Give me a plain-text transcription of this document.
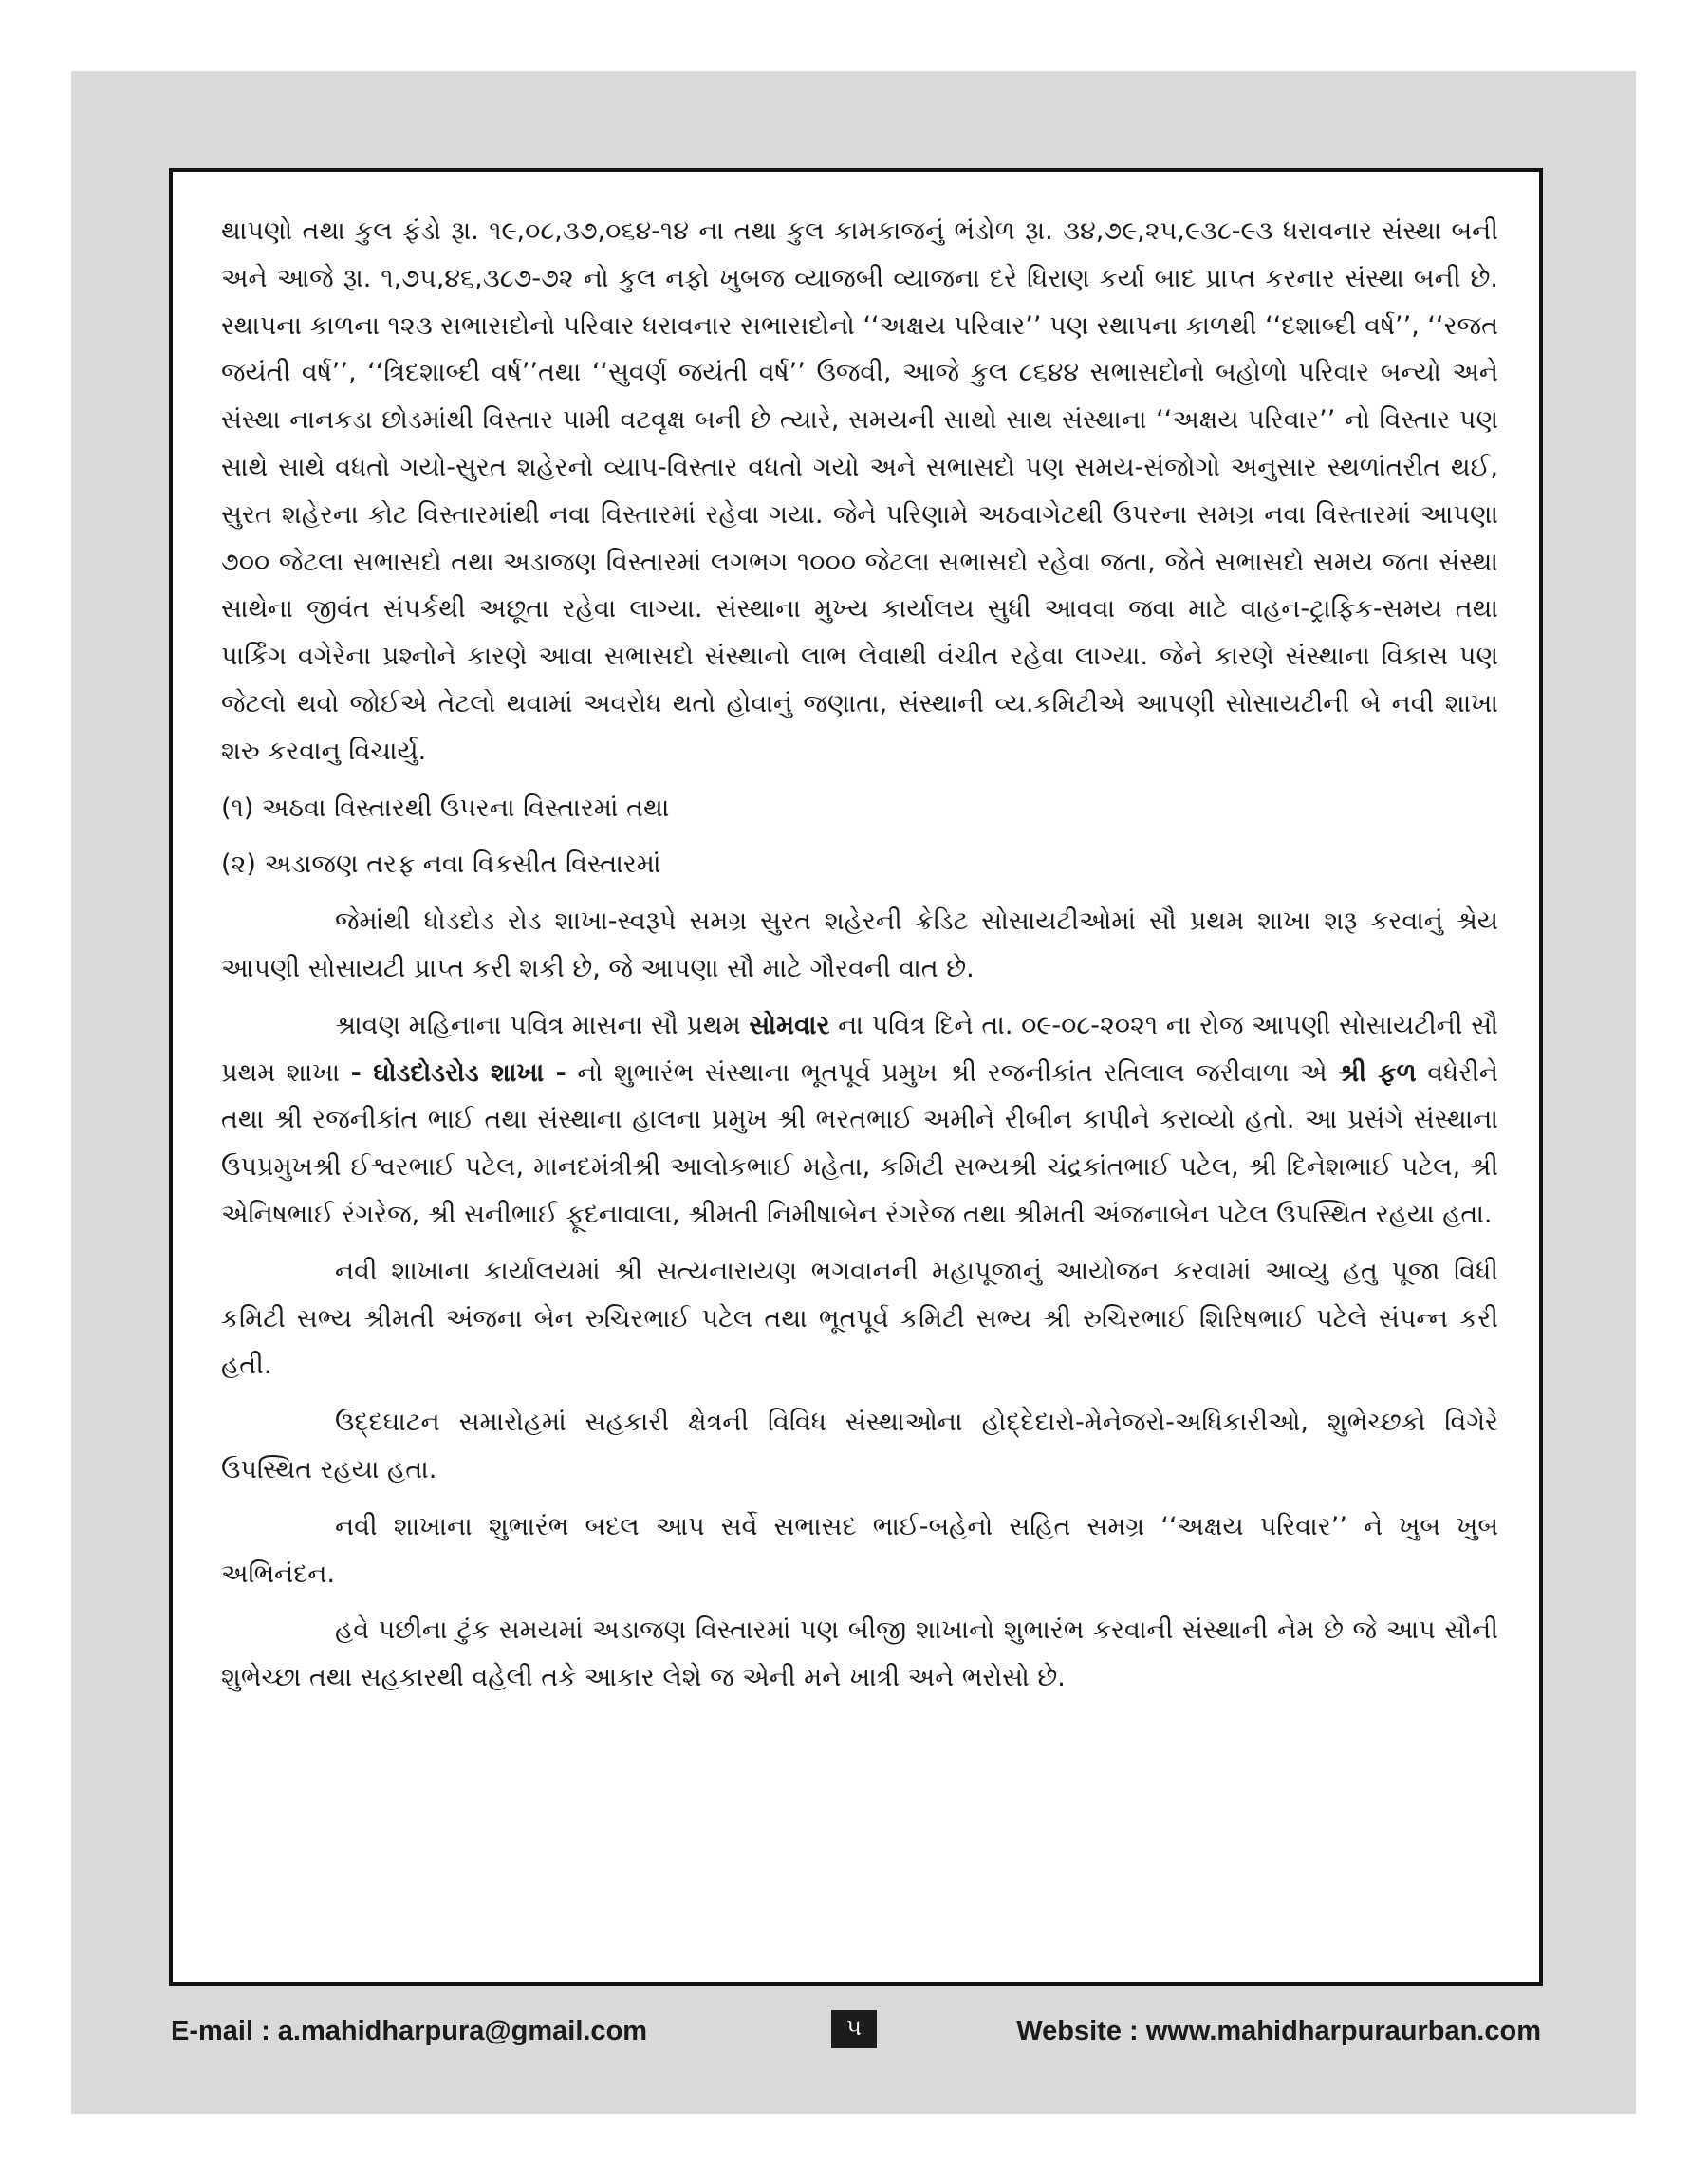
થાપણો તથા કુલ ફંડો રૂા. ૧૯,૦૮,૩૭,૦૬૪-૧૪ ના તથા કુલ કામકાજનું ભંડોળ રૂા. ૩૪,૭૯,૨૫,૯૩૮-૯૩ ધરાવનાર સંસ્થા બની અને આજે રૂા. ૧,૭૫,૪૬,૩૮૭-૭૨ નો કુલ નફો ખુબજ વ્યાજબી વ્યાજના દરે ધિરાણ કર્યા બાદ પ્રાપ્ત કરનાર સંસ્થા બની છે. સ્થાપના કાળના ૧૨૩ સભાસદોનો પરિવાર ધરાવનાર સભાસદોનો ‘‘અક્ષય પરિવાર’’ પણ સ્થાપના કાળથી ‘‘દશાબ્દી વર્ષ’’, ‘‘રજત જયંતી વર્ષ’’, ‘‘ત્રિદશાબ્દી વર્ષ’’તથા ‘‘સુવર્ણ જયંતી વર્ષ’’ ઉજવી, આજે કુલ ૮૬૪૪ સભાસદોનો બહોળો પરિવાર બન્યો અને સંસ્થા નાનકડા છોડમાંથી વિસ્તાર પામી વટવૃક્ષ બની છે ત્યારે, સમયની સાથો સાથ સંસ્થાના ‘‘અક્ષય પરિવાર’’ નો વિસ્તાર પણ સાથે સાથે વધતો ગયો-સુરત શહેરનો વ્યાપ-વિસ્તાર વધતો ગયો અને સભાસદો પણ સમય-સંજોગો અનુસાર સ્થળાંતરીત થઈ, સુરત શહેરના કોટ વિસ્તારમાંથી નવા વિસ્તારમાં રહેવા ગયા. જેને પરિણામે અઠવાગેટથી ઉપરના સમગ્ર નવા વિસ્તારમાં આપણા ૭૦૦ જેટલા સભાસદો તથા અડાજણ વિસ્તારમાં લગભગ ૧૦૦૦ જેટલા સભાસદો રહેવા જતા, જેતે સભાસદો સમય જતા સંસ્થા સાથેના જીવંત સંપર્કથી અછૂતા રહેવા લાગ્યા. સંસ્થાના મુખ્ય કાર્યાલય સુધી આવવા જવા માટે વાહન-ટ્રાફિક-સમય તથા પાર્કિંગ વગેરેના પ્રશ્નોને કારણે આવા સભાસદો સંસ્થાનો લાભ લેવાથી વંચીત રહેવા લાગ્યા. જેને કારણે સંસ્થાના વિકાસ પણ જેટલો થવો જોઈએ તેટલો થવામાં અવરોધ થતો હોવાનું જણાતા, સંસ્થાની વ્ય.કમિટીએ આપણી સોસાયટીની બે નવી શાખા શરુ કરવાનુ વિચાર્યુ.

(૧) અઠવા વિસ્તારથી ઉપરના વિસ્તારમાં તથા

(૨) અડાજણ તરફ નવા વિકસીત વિસ્તારમાં

જેમાંથી ધોડદોડ રોડ શાખા-સ્વરૂપે સમગ્ર સુરત શહેરની ક્રેડિટ સોસાયટીઓમાં સૌ પ્રથમ શાખા શરૂ કરવાનું શ્રેય આપણી સોસાયટી પ્રાપ્ત કરી શકી છે, જે આપણા સૌ માટે ગૌરવની વાત છે.

શ્રાવણ મહિનાના પવિત્ર માસના સૌ પ્રથમ સોમવાર ના પવિત્ર દિને તા. ૦૯-૦૮-૨૦૨૧ ના રોજ આપણી સોસાયટીની સૌ પ્રથમ શાખા - ઘોડદોડરોડ શાખા - નો શુભારંભ સંસ્થાના ભૂતપૂર્વ પ્રમુખ શ્રી રજનીકાંત રતિલાલ જરીવાળા એ શ્રી ફળ વધેરીને તથા શ્રી રજનીકાંત ભાઈ તથા સંસ્થાના હાલના પ્રમુખ શ્રી ભરતભાઈ અમીને રીબીન કાપીને કરાવ્યો હતો. આ પ્રસંગે સંસ્થાના ઉપપ્રમુખશ્રી ઈશ્વરભાઈ પટેલ, માનદમંત્રીશ્રી આલોકભાઈ મહેતા, કમિટી સભ્યશ્રી ચંદ્રકાંતભાઈ પટેલ, શ્રી દિનેશભાઈ પટેલ, શ્રી એનિષભાઈ રંગરેજ, શ્રી સનીભાઈ ફૂદનાવાલા, શ્રીમતી નિમીષાબેન રંગરેજ તથા શ્રીમતી અંજનાબેન પટેલ ઉપસ્થિત રહયા હતા.

નવી શાખાના કાર્યાલયમાં શ્રી સત્યનારાયણ ભગવાનની મહાપૂજાનું આયોજન કરવામાં આવ્યુ હતુ પૂજા વિધી કમિટી સભ્ય શ્રીમતી અંજના બેન રુચિરભાઈ પટેલ તથા ભૂતપૂર્વ કમિટી સભ્ય શ્રી રુચિરભાઈ શિરિષભાઈ પટેલે સંપન્ન કરી હતી.

ઉદ્દઘાટન સમારોહમાં સહકારી ક્ષેત્રની વિવિધ સંસ્થાઓના હોદ્દેદારો-મેનેજરો-અધિકારીઓ, શુભેચ્છકો વિગેરે ઉપસ્થિત રહયા હતા.

નવી શાખાના શુભારંભ બદલ આપ સર્વે સભાસદ ભાઈ-બહેનો સહિત સમગ્ર ‘‘અક્ષય પરિવાર’’ ને ખુબ ખુબ અભિનંદન.

હવે પછીના ટુંક સમયમાં અડાજણ વિસ્તારમાં પણ બીજી શાખાનો શુભારંભ કરવાની સંસ્થાની નેમ છે જે આપ સૌની શુભેચ્છા તથા સહકારથી વહેલી તકે આકાર લેશે જ એની મને ખાત્રી અને ભરોસો છે.

E-mail : a.mahidharpura@gmail.com	૫	Website : www.mahidharpuraurban.com
